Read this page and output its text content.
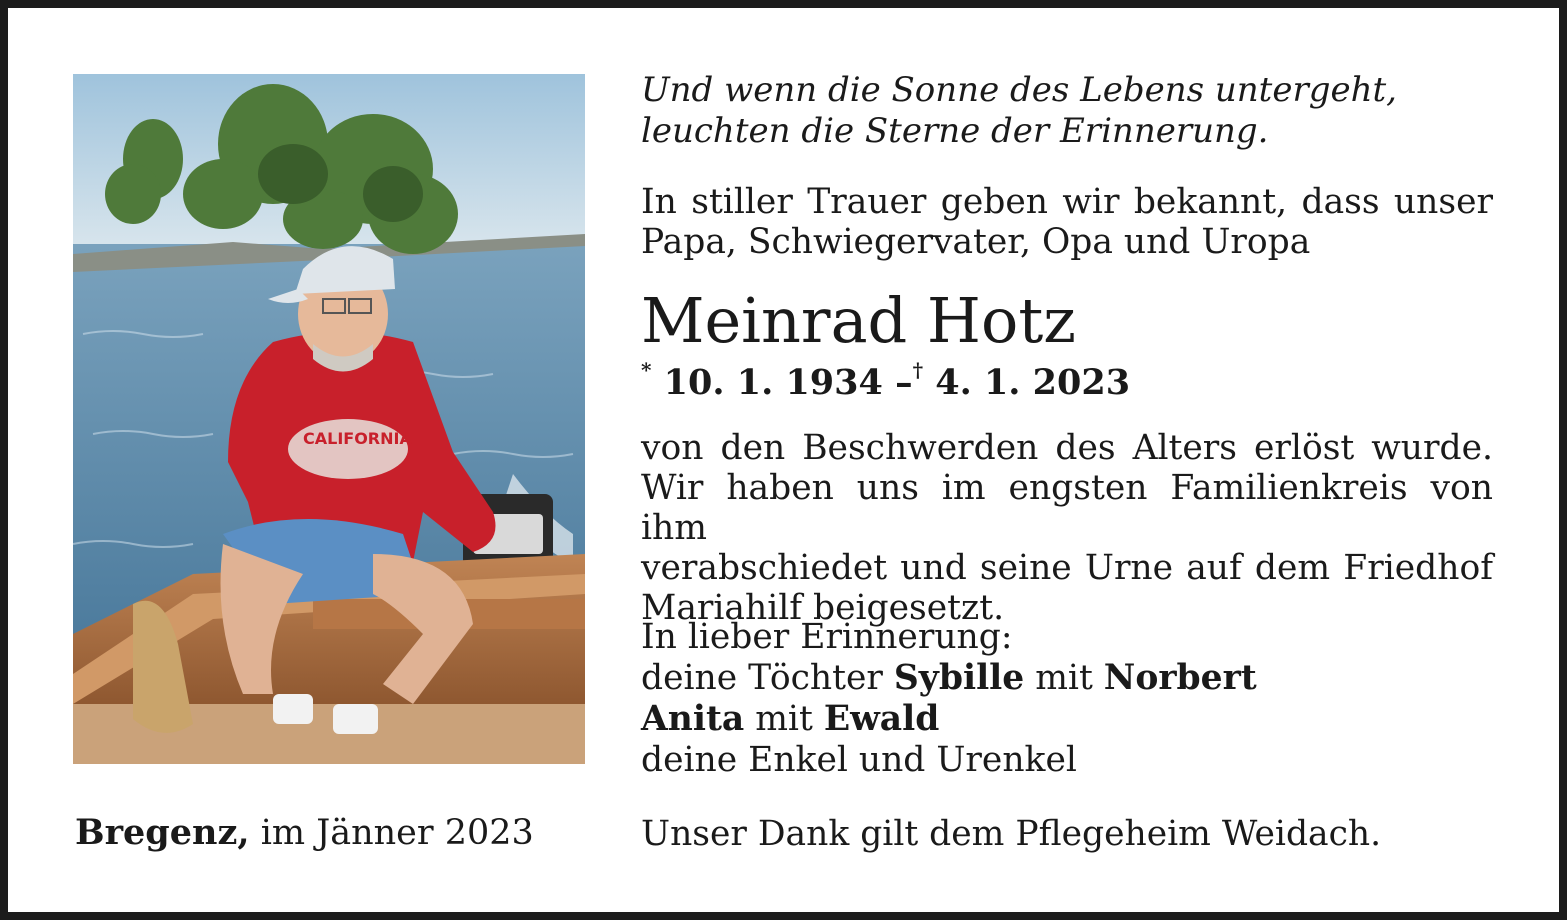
CALIFORNIA
Und wenn die Sonne des Lebens untergeht,
leuchten die Sterne der Erinnerung.
In stiller Trauer geben wir bekannt, dass unser
Papa, Schwiegervater, Opa und Uropa
Meinrad Hotz
* 10. 1. 1934 –† 4. 1. 2023
von den Beschwerden des Alters erlöst wurde.
Wir haben uns im engsten Familienkreis von ihm
verabschiedet und seine Urne auf dem Friedhof
Mariahilf beigesetzt.
In lieber Erinnerung:
deine Töchter Sybille mit Norbert
Anita mit Ewald
deine Enkel und Urenkel
Bregenz, im Jänner 2023	Unser Dank gilt dem Pflegeheim Weidach.
